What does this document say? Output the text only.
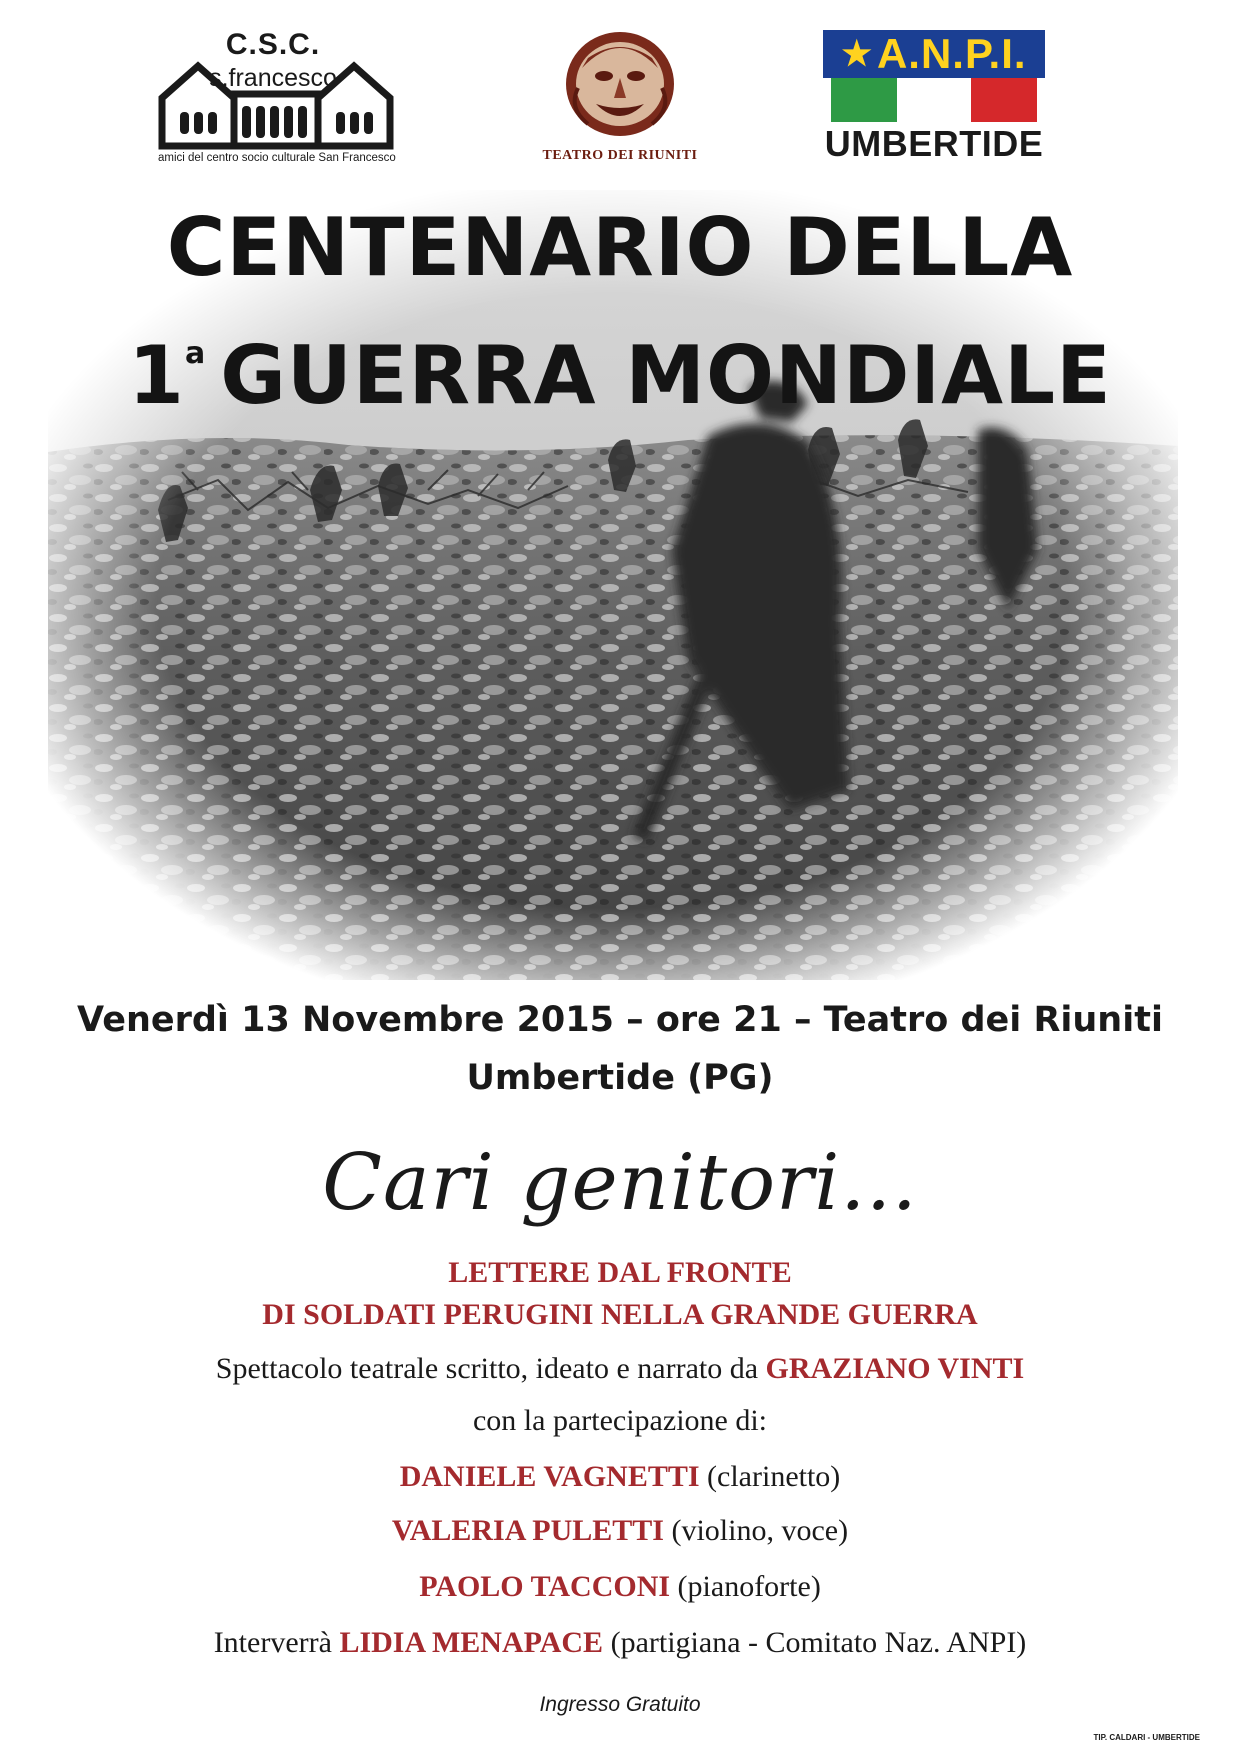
C.S.C.
s.francesco
amici del centro socio culturale San Francesco	TEATRO DEI RIUNITI
★ A.N.P.I.
UMBERTIDE
CENTENARIO DELLA
1$^a$ GUERRA MONDIALE

Venerdì 13 Novembre 2015 – ore 21 – Teatro dei Riuniti

Umbertide (PG)

Cari genitori...
LETTERE DAL FRONTE
DI SOLDATI PERUGINI NELLA GRANDE GUERRA
Spettacolo teatrale scritto, ideato e narrato da GRAZIANO VINTI
con la partecipazione di:
DANIELE VAGNETTI (clarinetto)
VALERIA PULETTI (violino, voce)
PAOLO TACCONI (pianoforte)
Interverrà LIDIA MENAPACE (partigiana - Comitato Naz. ANPI)
Ingresso Gratuito
TIP. CALDARI - UMBERTIDE
